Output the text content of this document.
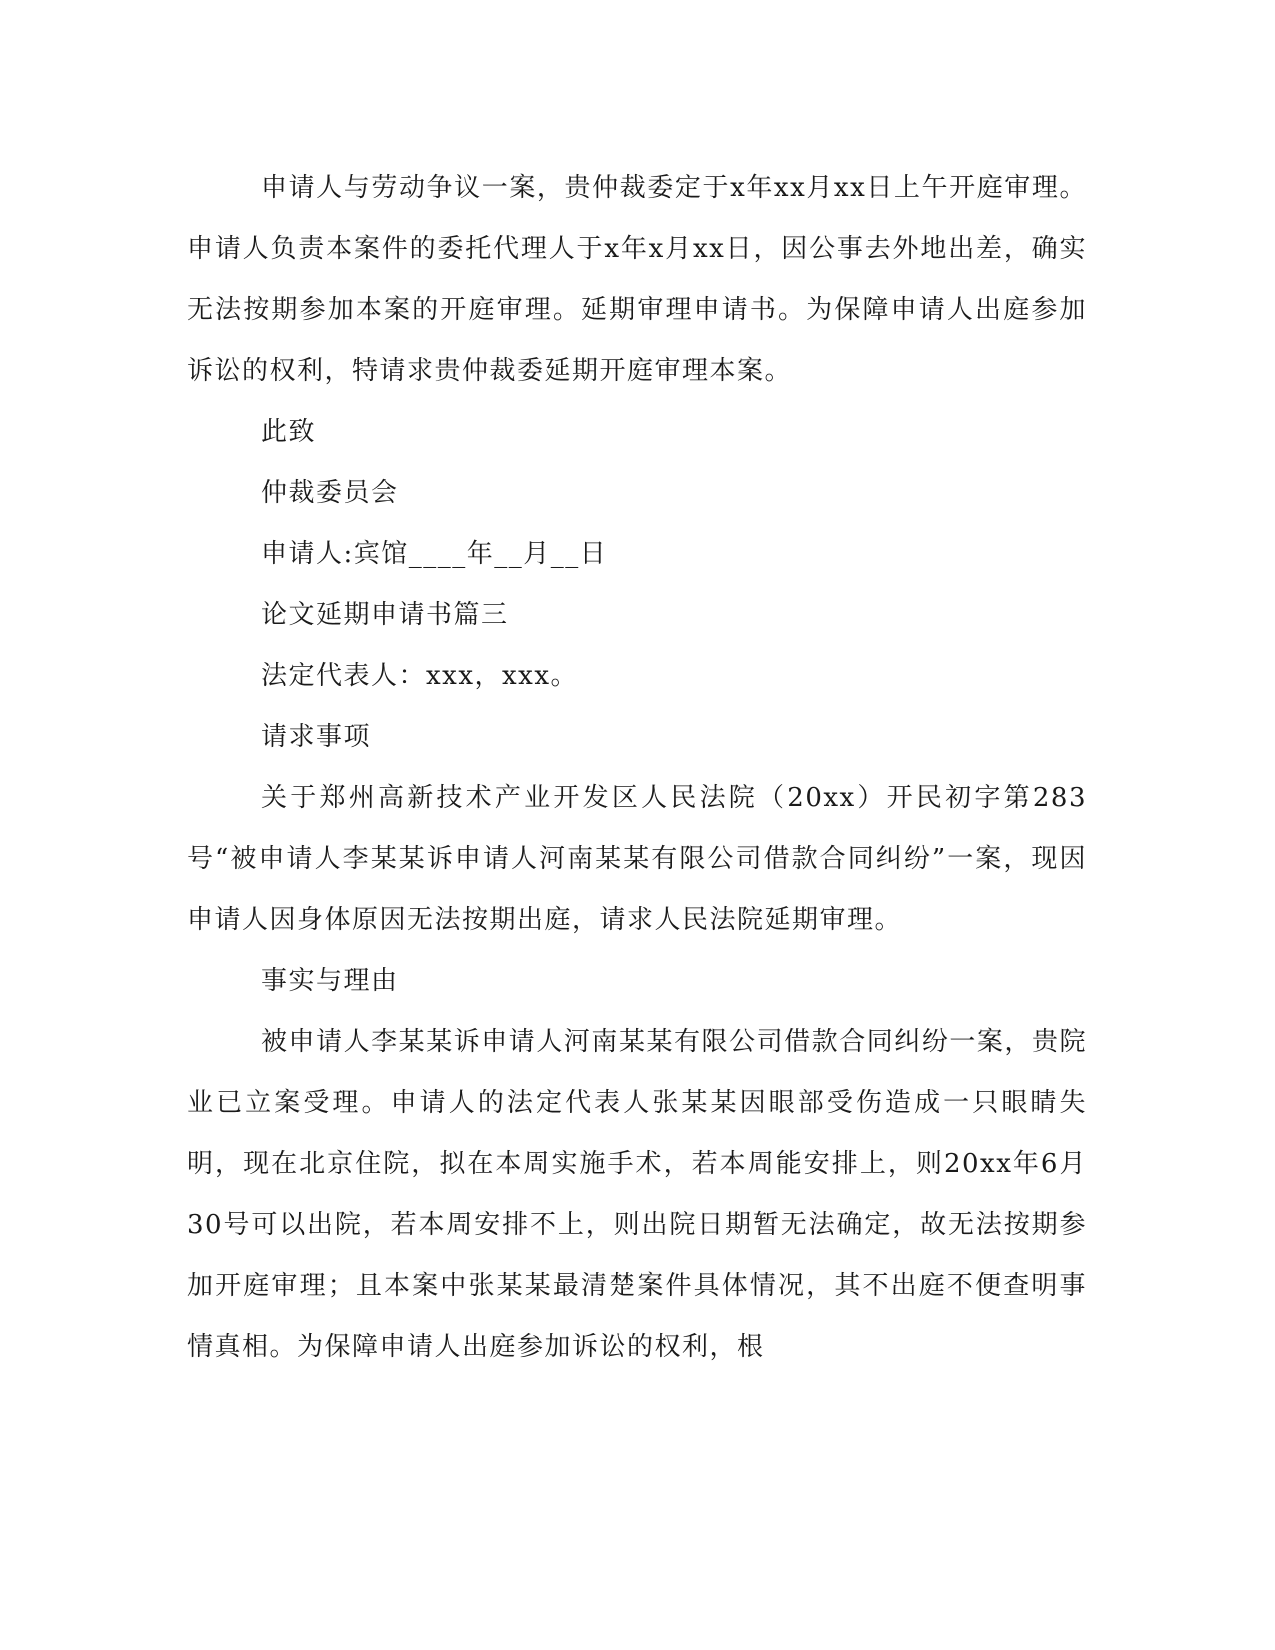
申请人与劳动争议一案，贵仲裁委定于x年xx月xx日上午开庭审理。申请人负责本案件的委托代理人于x年x月xx日，因公事去外地出差，确实无法按期参加本案的开庭审理。延期审理申请书。为保障申请人出庭参加诉讼的权利，特请求贵仲裁委延期开庭审理本案。

此致

仲裁委员会

申请人:宾馆____年__月__日

论文延期申请书篇三

法定代表人：xxx，xxx。

请求事项

关于郑州高新技术产业开发区人民法院（20xx）开民初字第283号“被申请人李某某诉申请人河南某某有限公司借款合同纠纷”一案，现因申请人因身体原因无法按期出庭，请求人民法院延期审理。

事实与理由

被申请人李某某诉申请人河南某某有限公司借款合同纠纷一案，贵院业已立案受理。申请人的法定代表人张某某因眼部受伤造成一只眼睛失明，现在北京住院，拟在本周实施手术，若本周能安排上，则20xx年6月30号可以出院，若本周安排不上，则出院日期暂无法确定，故无法按期参加开庭审理；且本案中张某某最清楚案件具体情况，其不出庭不便查明事情真相。为保障申请人出庭参加诉讼的权利，根
